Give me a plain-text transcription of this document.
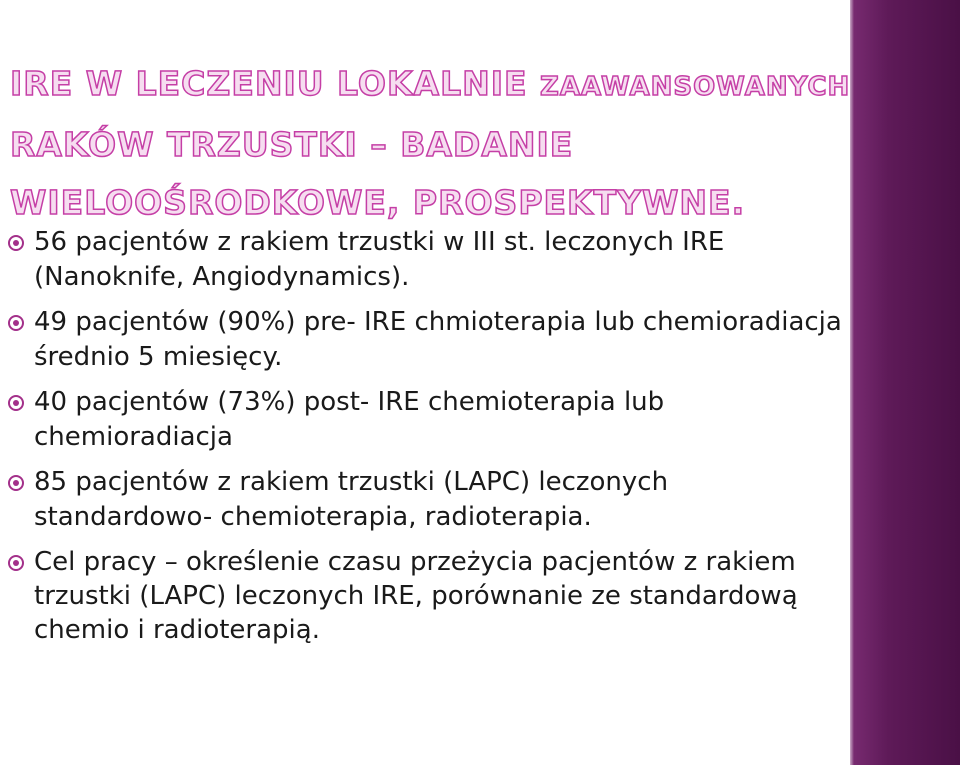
IRE W LECZENIU LOKALNIE ZAAWANSOWANYCH
RAKÓW TRZUSTKI – BADANIE WIELOOŚRODKOWE, PROSPEKTYWNE.
56 pacjentów z rakiem trzustki w III st. leczonych IRE (Nanoknife, Angiodynamics).
49 pacjentów (90%) pre- IRE chmioterapia lub chemioradiacja średnio 5 miesięcy.
40 pacjentów (73%) post- IRE chemioterapia lub chemioradiacja
85 pacjentów z rakiem trzustki (LAPC) leczonych standardowo- chemioterapia, radioterapia.
Cel pracy – określenie czasu przeżycia pacjentów z rakiem trzustki (LAPC) leczonych IRE, porównanie ze standardową chemio i radioterapią.
